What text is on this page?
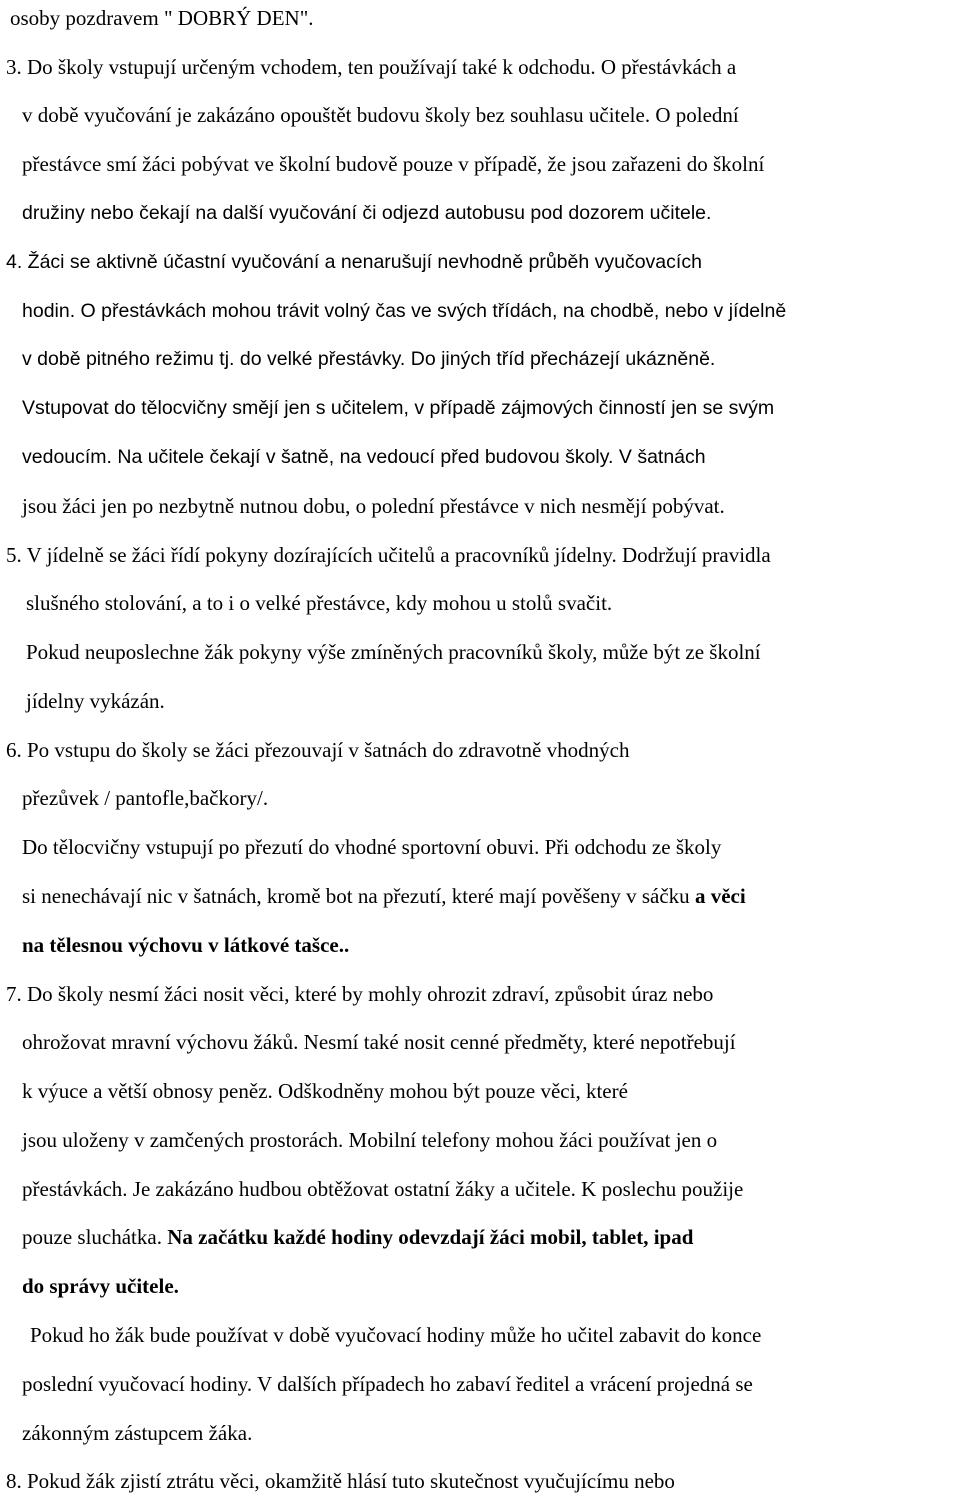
osoby pozdravem " DOBRÝ DEN".
3. Do školy vstupují určeným vchodem, ten používají také k odchodu. O přestávkách a
v době vyučování je zakázáno opouštět budovu školy bez souhlasu učitele. O polední
přestávce smí žáci pobývat ve školní budově pouze v případě, že jsou zařazeni do školní
družiny nebo čekají na další vyučování či odjezd autobusu pod dozorem učitele.
4. Žáci se aktivně účastní vyučování a nenarušují nevhodně průběh vyučovacích
hodin. O přestávkách mohou trávit volný čas ve svých třídách, na chodbě, nebo v jídelně
v době pitného režimu tj. do velké přestávky. Do jiných tříd přecházejí ukázněně.
Vstupovat do tělocvičny smějí jen s učitelem, v případě zájmových činností jen se svým
vedoucím. Na učitele čekají v šatně, na vedoucí před budovou školy. V šatnách
jsou žáci jen po nezbytně nutnou dobu, o polední přestávce v nich nesmějí pobývat.
5. V jídelně se žáci řídí pokyny dozírajících učitelů a pracovníků jídelny. Dodržují pravidla
slušného stolování, a to i o velké přestávce, kdy mohou u stolů svačit.
Pokud neuposlechne žák pokyny výše zmíněných pracovníků školy, může být ze školní
jídelny vykázán.
6. Po vstupu do školy se žáci přezouvají v šatnách do zdravotně vhodných
přezůvek / pantofle,bačkory/.
Do tělocvičny vstupují po přezutí do vhodné sportovní obuvi. Při odchodu ze školy
si nenechávají nic v šatnách, kromě bot na přezutí, které mají pověšeny v sáčku a věci
na tělesnou výchovu v látkové tašce..
7. Do školy nesmí žáci nosit věci, které by mohly ohrozit zdraví, způsobit úraz nebo
ohrožovat mravní výchovu žáků. Nesmí také nosit cenné předměty, které nepotřebují
k výuce a větší obnosy peněz. Odškodněny mohou být pouze věci, které
jsou uloženy v zamčených prostorách. Mobilní telefony mohou žáci používat jen o
přestávkách. Je zakázáno hudbou obtěžovat ostatní žáky a učitele. K poslechu použije
pouze sluchátka. Na začátku každé hodiny odevzdají žáci mobil, tablet, ipad
do správy učitele.
Pokud ho žák bude používat v době vyučovací hodiny může ho učitel zabavit do konce
poslední vyučovací hodiny. V dalších případech ho zabaví ředitel a vrácení projedná se
zákonným zástupcem žáka.
8. Pokud žák zjistí ztrátu věci, okamžitě hlásí tuto skutečnost vyučujícímu nebo
